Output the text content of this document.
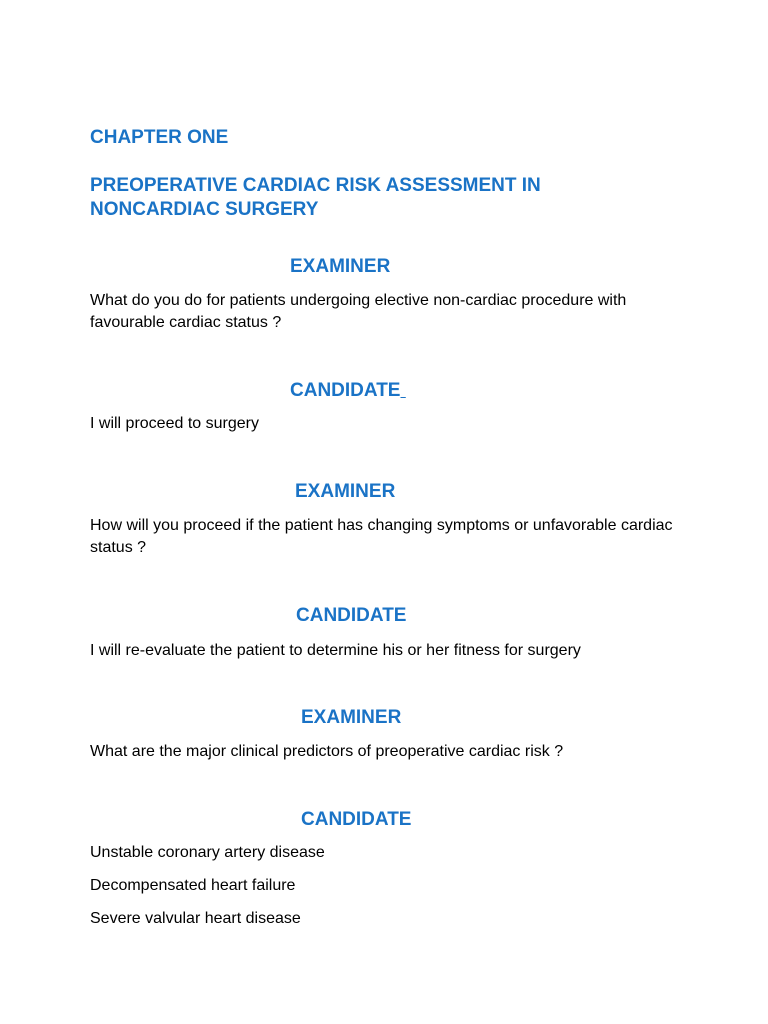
CHAPTER ONE
PREOPERATIVE CARDIAC RISK ASSESSMENT IN NONCARDIAC SURGERY
EXAMINER

What do you do for patients undergoing elective non-cardiac procedure with favourable cardiac status ?

CANDIDATE

I will proceed to surgery

EXAMINER

How will you proceed if the patient has changing symptoms or unfavorable cardiac status ?

CANDIDATE

I will re-evaluate the patient to determine his or her fitness for surgery

EXAMINER

What are the major clinical predictors of preoperative cardiac risk ?

CANDIDATE

Unstable coronary artery disease

Decompensated heart failure

Severe valvular heart disease
